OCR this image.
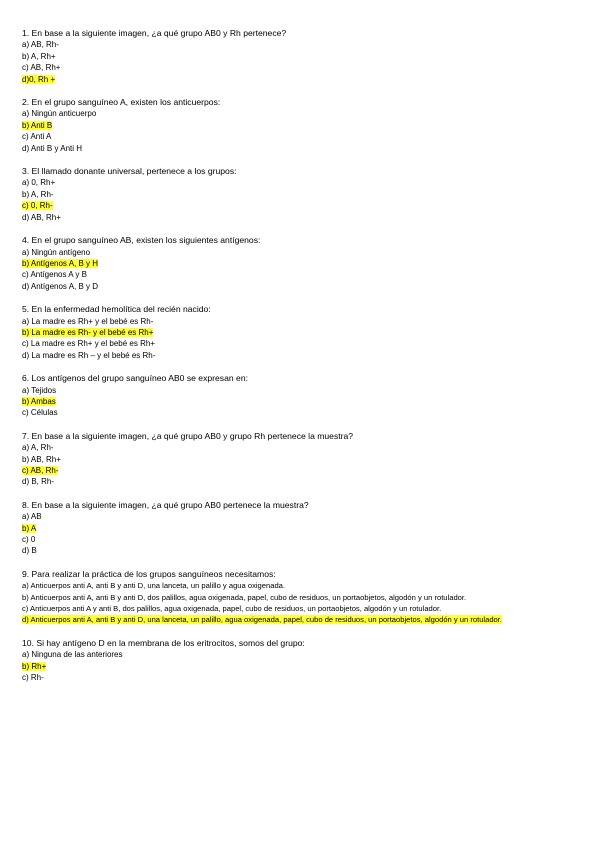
1. En base a la siguiente imagen, ¿a qué grupo AB0 y Rh pertenece?

a) AB, Rh-

b) A, Rh+

c) AB, Rh+

d)0, Rh +

2. En el grupo sanguíneo A, existen los anticuerpos:

a) Ningún anticuerpo

b) Anti B

c) Anti A

d) Anti B y Anti H

3. El llamado donante universal, pertenece a los grupos:

a) 0, Rh+

b) A, Rh-

c) 0, Rh-

d) AB, Rh+

4. En el grupo sanguíneo AB, existen los siguientes antígenos:

a) Ningún antígeno

b) Antígenos A, B y H

c) Antígenos A y B

d) Antígenos A, B y D

5. En la enfermedad hemolítica del recién nacido:

a) La madre es Rh+ y el bebé es Rh-

b) La madre es Rh- y el bebé es Rh+

c) La madre es Rh+ y el bebé es Rh+

d) La madre es Rh – y el bebé es Rh-

6. Los antígenos del grupo sanguíneo AB0 se expresan en:

a) Tejidos

b) Ambas

c) Células

7. En base a la siguiente imagen, ¿a qué grupo AB0 y grupo Rh pertenece la muestra?

a) A, Rh-

b) AB, Rh+

c) AB, Rh-

d) B, Rh-

8. En base a la siguiente imagen, ¿a qué grupo AB0 pertenece la muestra?

a) AB

b) A

c) 0

d) B

9. Para realizar la práctica de los grupos sanguíneos necesitamos:

a) Anticuerpos anti A, anti B y anti D, una lanceta, un palillo y agua oxigenada.

b) Anticuerpos anti A, anti B y anti D, dos palillos, agua oxigenada, papel, cubo de residuos, un portaobjetos, algodón y un rotulador.

c) Anticuerpos anti A y anti B, dos palillos, agua oxigenada, papel, cubo de residuos, un portaobjetos, algodón y un rotulador.

d) Anticuerpos anti A, anti B y anti D, una lanceta, un palillo, agua oxigenada, papel, cubo de residuos, un portaobjetos, algodón y un rotulador.

10. Si hay antígeno D en la membrana de los eritrocitos, somos del grupo:

a) Ninguna de las anteriores

b) Rh+

c) Rh-
